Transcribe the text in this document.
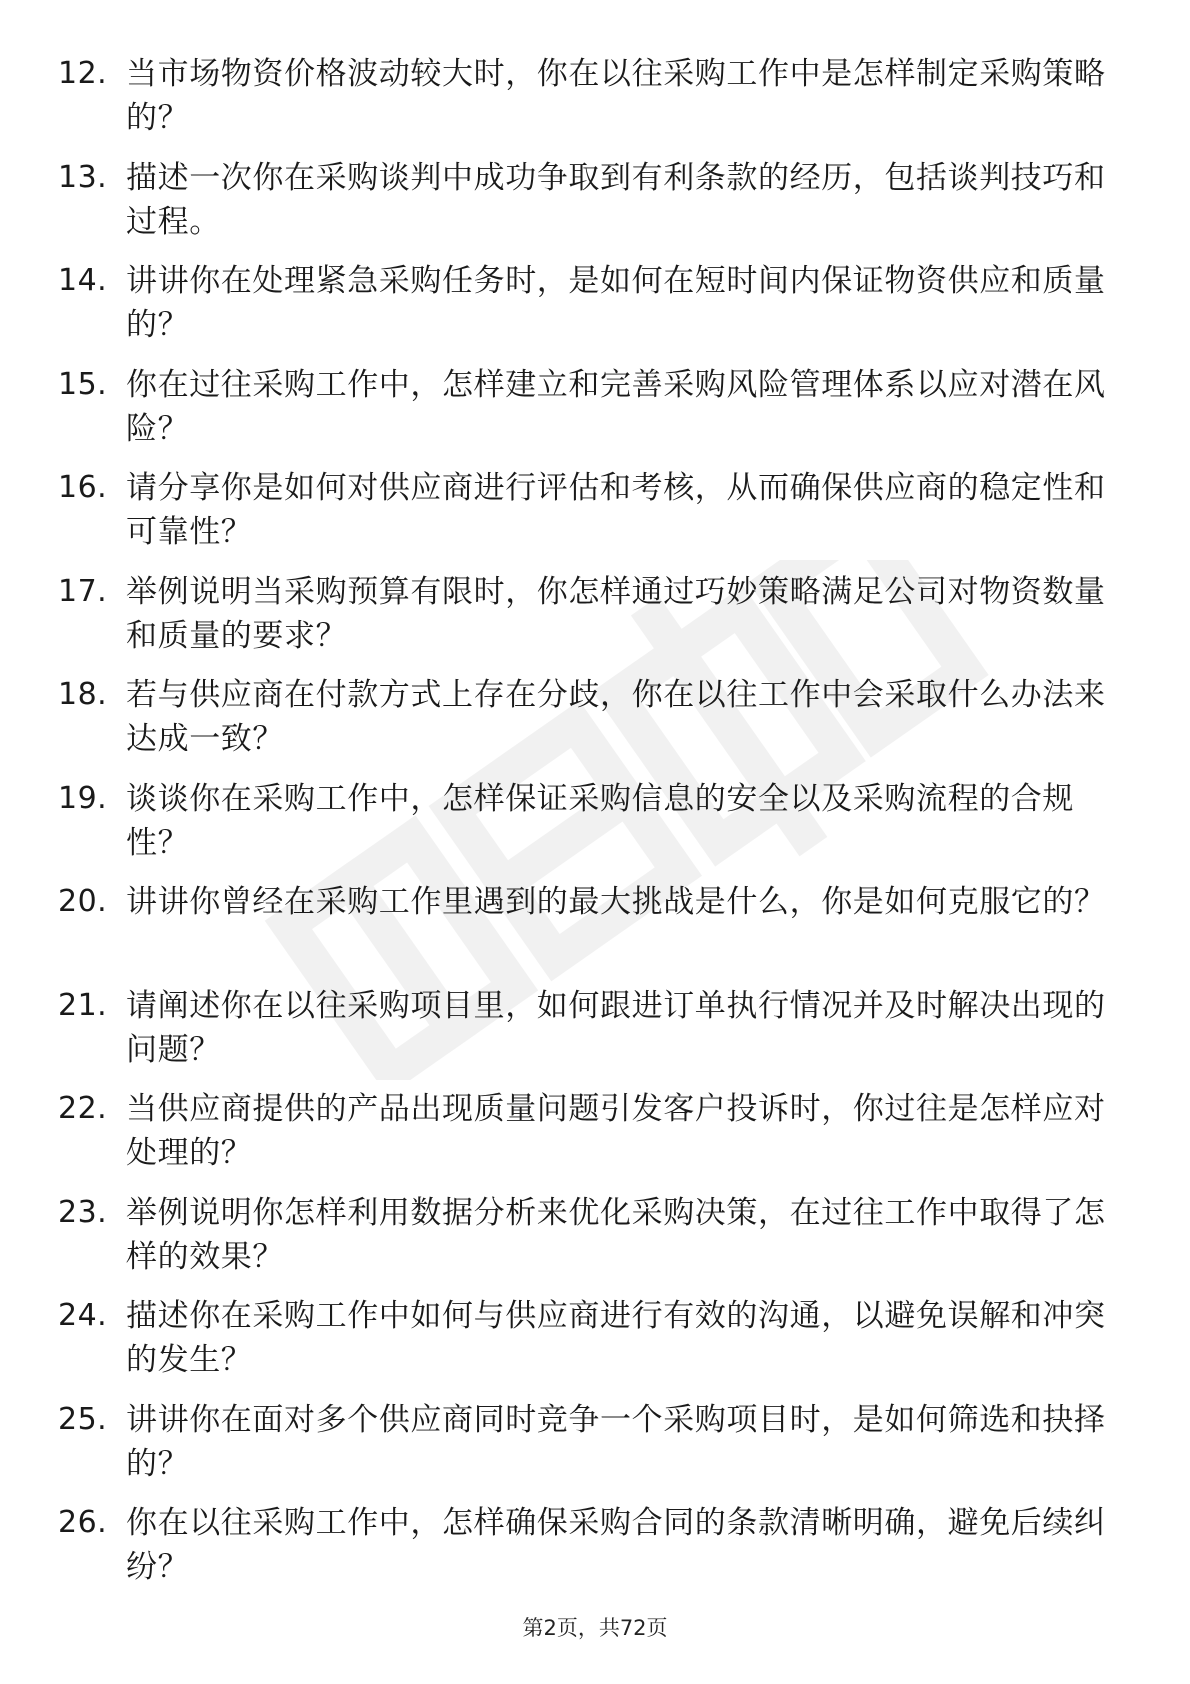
12. 当市场物资价格波动较大时，你在以往采购工作中是怎样制定采购策略的？
13. 描述一次你在采购谈判中成功争取到有利条款的经历，包括谈判技巧和过程。
14. 讲讲你在处理紧急采购任务时，是如何在短时间内保证物资供应和质量的？
15. 你在过往采购工作中，怎样建立和完善采购风险管理体系以应对潜在风险？
16. 请分享你是如何对供应商进行评估和考核，从而确保供应商的稳定性和可靠性？
17. 举例说明当采购预算有限时，你怎样通过巧妙策略满足公司对物资数量和质量的要求？
18. 若与供应商在付款方式上存在分歧，你在以往工作中会采取什么办法来达成一致？
19. 谈谈你在采购工作中，怎样保证采购信息的安全以及采购流程的合规性？
20. 讲讲你曾经在采购工作里遇到的最大挑战是什么，你是如何克服它的？
21. 请阐述你在以往采购项目里，如何跟进订单执行情况并及时解决出现的问题？
22. 当供应商提供的产品出现质量问题引发客户投诉时，你过往是怎样应对处理的？
23. 举例说明你怎样利用数据分析来优化采购决策，在过往工作中取得了怎样的效果？
24. 描述你在采购工作中如何与供应商进行有效的沟通，以避免误解和冲突的发生？
25. 讲讲你在面对多个供应商同时竞争一个采购项目时，是如何筛选和抉择的？
26. 你在以往采购工作中，怎样确保采购合同的条款清晰明确，避免后续纠纷？
第2页，共72页
